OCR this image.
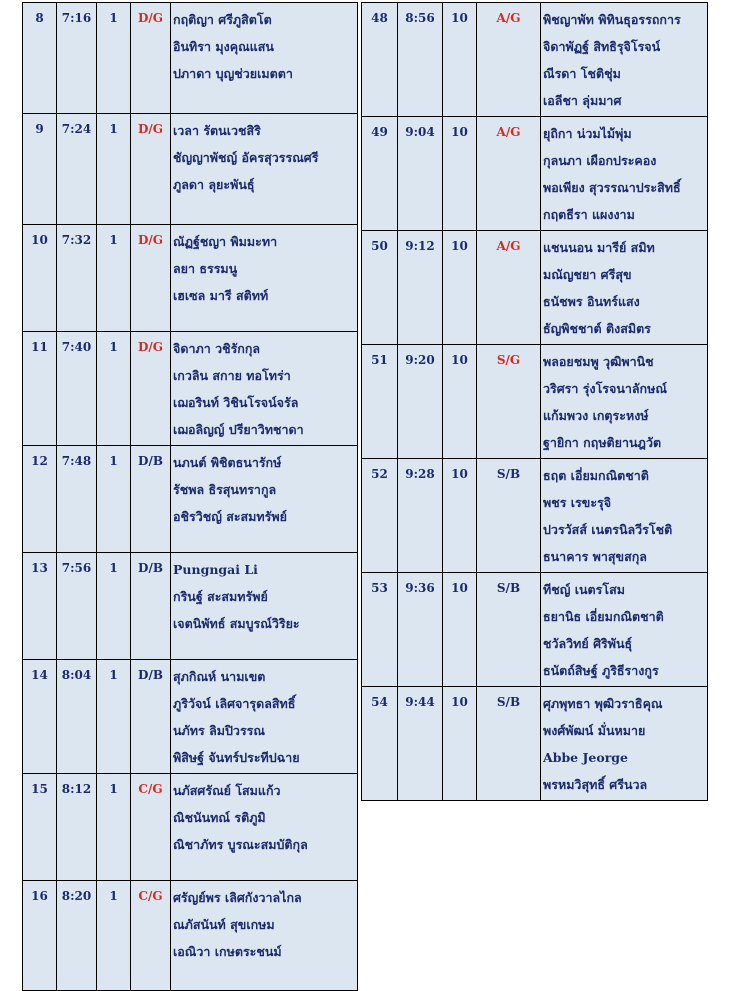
8	7:16	1	D/G	กฤติญา ศรีภูสิตโต
อินทิรา มุงคุณแสน
ปภาดา บุญช่วยเมตตา

9	7:24	1	D/G	เวลา รัตนเวชสิริ
ชัญญาพัชญ์ อัครสุวรรณศรี
ภูลดา ลุยะพันธุ์

10	7:32	1	D/G	ณัฏฐ์ชญา พิมมะทา
ลยา ธรรมนู
เฮเซล มารี สติทท์

11	7:40	1	D/G	จิดาภา วชิรักกุล
เกวลิน สกาย ทอโทร่า
เฌอรินท์ วิชินโรจน์จรัล
เฌอลิญญ์ ปรียาวิทชาดา

12	7:48	1	D/B	นภนต์ พิชิตธนารักษ์
รัชพล ธิรสุนทรากูล
อชิรวิชญ์ สะสมทรัพย์

13	7:56	1	D/B	Pungngai Li
กรินฐ์ สะสมทรัพย์
เจตนิพัทธ์ สมบูรณ์วิริยะ

14	8:04	1	D/B	สุภกิณห์ นามเขต
ภูริวัจน์ เลิศจารุดลสิทธิ์
นภัทร ลิมปิวรรณ
พิสิษฐ์ จันทร์ประทีปฉาย

15	8:12	1	C/G	นภัสศรัณย์ โสมแก้ว
ณิชนันทณ์ รติภูมิ
ณิชาภัทร บูรณะสมบัติกุล

16	8:20	1	C/G	ศรัญย์พร เลิศกังวาลไกล
ณภัสนันท์ สุขเกษม
เอณิวา เกษตระชนม์
48	8:56	10	A/G	พิชญาพัท พิทินธุอรรถการ
จิดาพัฏฐ์ สิทธิรุจิโรจน์
ณีรดา โชติชุ่ม
เอลีชา ลุ่มมาศ

49	9:04	10	A/G	ยุถิกา น่วมไม้พุ่ม
กุลนภา เผือกประคอง
พอเพียง สุวรรณาประสิทธิ์
กฤตธีรา แผงงาม

50	9:12	10	A/G	แชนนอน มารีย์ สมิท
มณัญชยา ศรีสุข
ธนัชพร อินทร์แสง
ธัญพิชชาต์ ติงสมิตร

51	9:20	10	S/G	พลอยชมพู วุฒิพานิช
วริศรา รุ่งโรจนาลักษณ์
แก้มพวง เกตุระหงษ์
ฐายิกา กฤษติยานฎวัต

52	9:28	10	S/B	ธฤต เอี่ยมกณิตชาติ
พชร เรขะรุจิ
ปวรวัสส์ เนตรนิลวีรโชติ
ธนาคาร พาสุขสกุล

53	9:36	10	S/B	ทีชญ์ เนตรโสม
ธยานิธ เอี่ยมกณิตชาติ
ชวัลวิทย์ ศิริพันธุ์
ธนัตถ์สิษฐ์ ภูริธีรางกูร

54	9:44	10	S/B	ศุภพุทธา พุฒิวราธิคุณ
พงศ์พัฒน์ มั่นหมาย
Abbe Jeorge
พรหมวิสุทธิ์ ศรีนวล
